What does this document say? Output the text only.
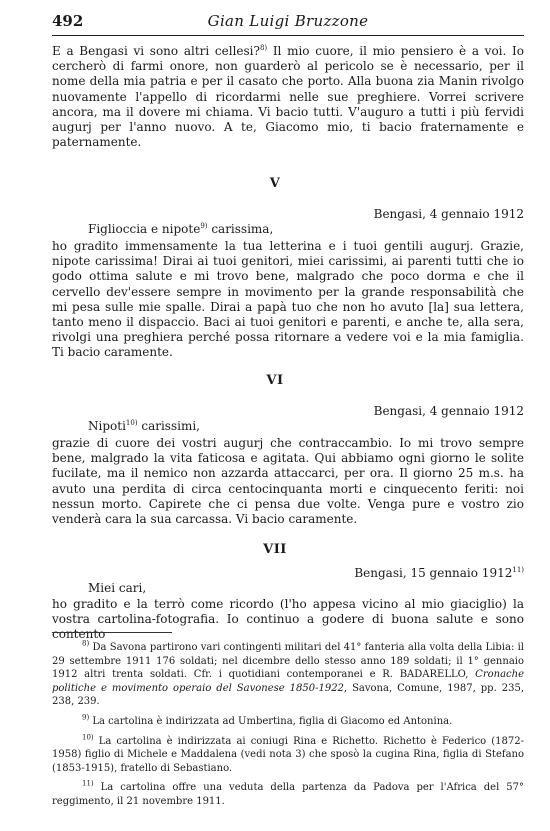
492	Gian Luigi Bruzzone

E a Bengasi vi sono altri cellesi?$^{8)}$ Il mio cuore, il mio pensiero è a voi. Io cercherò di farmi onore, non guarderò al pericolo se è necessario, per il nome della mia patria e per il casato che porto. Alla buona zia Manin rivolgo nuovamente l'appello di ricordarmi nelle sue preghiere. Vorrei scrivere ancora, ma il dovere mi chiama. Vi bacio tutti. V'auguro a tutti i più fervidi augurj per l'anno nuovo. A te, Giacomo mio, ti bacio fraternamente e paternamente.

V
Bengasi, 4 gennaio 1912
Figlioccia e nipote$^{9)}$ carissima,

ho gradito immensamente la tua letterina e i tuoi gentili augurj. Grazie, nipote carissima! Dirai ai tuoi genitori, miei carissimi, ai parenti tutti che io godo ottima salute e mi trovo bene, malgrado che poco dorma e che il cervello dev'essere sempre in movimento per la grande responsabilità che mi pesa sulle mie spalle. Dirai a papà tuo che non ho avuto [la] sua lettera, tanto meno il dispaccio. Baci ai tuoi genitori e parenti, e anche te, alla sera, rivolgi una preghiera perché possa ritornare a vedere voi e la mia famiglia. Ti bacio caramente.

VI
Bengasi, 4 gennaio 1912
Nipoti$^{10)}$ carissimi,

grazie di cuore dei vostri augurj che contraccambio. Io mi trovo sempre bene, malgrado la vita faticosa e agitata. Qui abbiamo ogni giorno le solite fucilate, ma il nemico non azzarda attaccarci, per ora. Il giorno 25 m.s. ha avuto una perdita di circa centocinquanta morti e cinquecento feriti: noi nessun morto. Capirete che ci pensa due volte. Venga pure e vostro zio venderà cara la sua carcassa. Vi bacio caramente.

VII
Bengasi, 15 gennaio 1912$^{11)}$
Miei cari,

ho gradito e la terrò come ricordo (l'ho appesa vicino al mio giaciglio) la vostra cartolina-fotografia. Io continuo a godere di buona salute e sono contento

$^{8)}$ Da Savona partirono vari contingenti militari del 41° fanteria alla volta della Libia: il 29 settembre 1911 176 soldati; nel dicembre dello stesso anno 189 soldati; il 1° gennaio 1912 altri trenta soldati. Cfr. i quotidiani contemporanei e R. BADARELLO, Cronache politiche e movimento operaio del Savonese 1850-1922, Savona, Comune, 1987, pp. 235, 238, 239.

$^{9)}$ La cartolina è indirizzata ad Umbertina, figlia di Giacomo ed Antonina.

$^{10)}$ La cartolina è indirizzata ai coniugi Rina e Richetto. Richetto è Federico (1872-1958) figlio di Michele e Maddalena (vedi nota 3) che sposò la cugina Rina, figlia di Stefano (1853-1915), fratello di Sebastiano.

$^{11)}$ La cartolina offre una veduta della partenza da Padova per l'Africa del 57° reggimento, il 21 novembre 1911.
